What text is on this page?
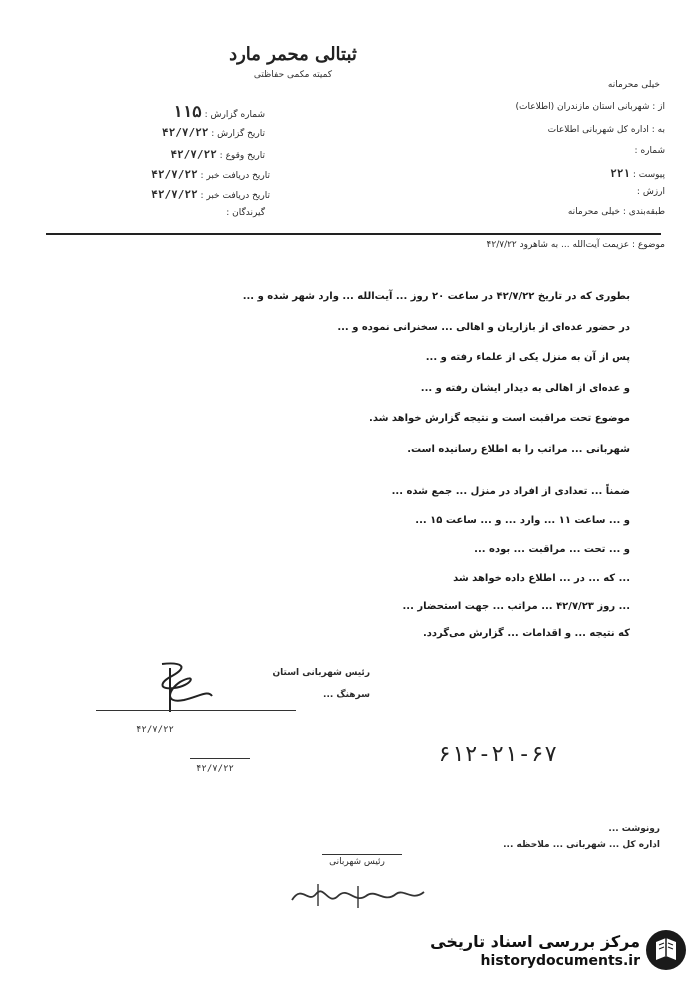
ثبتالی محمر مارد
کمیته مکمی حفاظتی
شماره گزارش : ۱۱۵
تاریخ گزارش : ۴۲/۷/۲۲
تاریخ وقوع : ۴۲/۷/۲۲
تاریخ دریافت خبر : ۴۲/۷/۲۲
تاریخ دریافت خبر : ۴۲/۷/۲۲
گیرندگان :
خیلی محرمانه
از : شهربانی استان مازندران (اطلاعات)
به : اداره کل شهربانی اطلاعات
شماره :
پیوست : ۲۲۱
ارزش :
طبقه‌بندی : خیلی محرمانه
موضوع : عزیمت آیت‌الله ... به شاهرود ۴۲/۷/۲۲
بطوری که در تاریخ ۴۲/۷/۲۲ در ساعت ۲۰ روز ... آیت‌الله ... وارد شهر شده و ...
در حضور عده‌ای از بازاریان و اهالی ... سخنرانی نموده و ...
پس از آن به منزل یکی از علماء رفته و ...
و عده‌ای از اهالی به دیدار ایشان رفته و ...
موضوع تحت مراقبت است و نتیجه گزارش خواهد شد.
شهربانی ... مراتب را به اطلاع رسانیده است.
ضمناً ... تعدادی از افراد در منزل ... جمع شده ...
و ... ساعت ۱۱ ... وارد ... و ... ساعت ۱۵ ...
و ... تحت ... مراقبت ... بوده ...
... که ... در ... اطلاع داده خواهد شد
... روز ۴۲/۷/۲۳ ... مراتب ... جهت استحضار ...
که نتیجه ... و اقدامات ... گزارش می‌گردد.
رئیس شهربانی استان
سرهنگ ...
۴۲/۷/۲۲
۴۲/۷/۲۲
۶۱۲-۲۱-۶۷
رونوشت ...
اداره کل ... شهربانی ... ملاحظه ...
رئیس شهربانی
مرکز بررسی اسناد تاریخی
historydocuments.ir
